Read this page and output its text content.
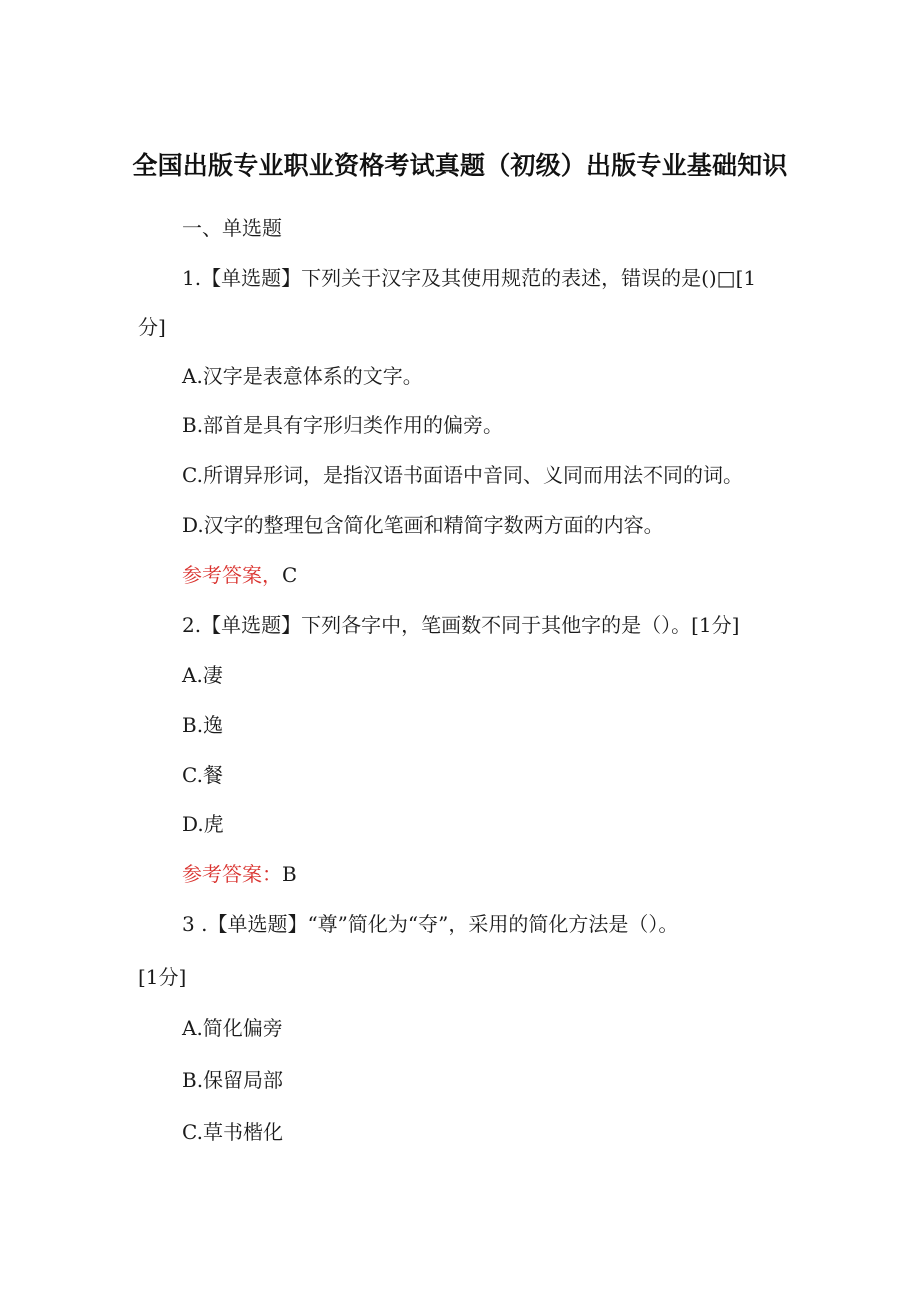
全国出版专业职业资格考试真题（初级）出版专业基础知识
一、单选题
1.【单选题】下列关于汉字及其使用规范的表述，错误的是()□[1
分]
A.汉字是表意体系的文字。
B.部首是具有字形归类作用的偏旁。
C.所谓异形词，是指汉语书面语中音同、义同而用法不同的词。
D.汉字的整理包含简化笔画和精简字数两方面的内容。
参考答案，C
2.【单选题】下列各字中，笔画数不同于其他字的是（）。[1分]
A.凄
B.逸
C.餐
D.虎
参考答案：B
3 .【单选题】“尊”简化为“夺”，采用的简化方法是（）。
[1分]
A.简化偏旁
B.保留局部
C.草书楷化
